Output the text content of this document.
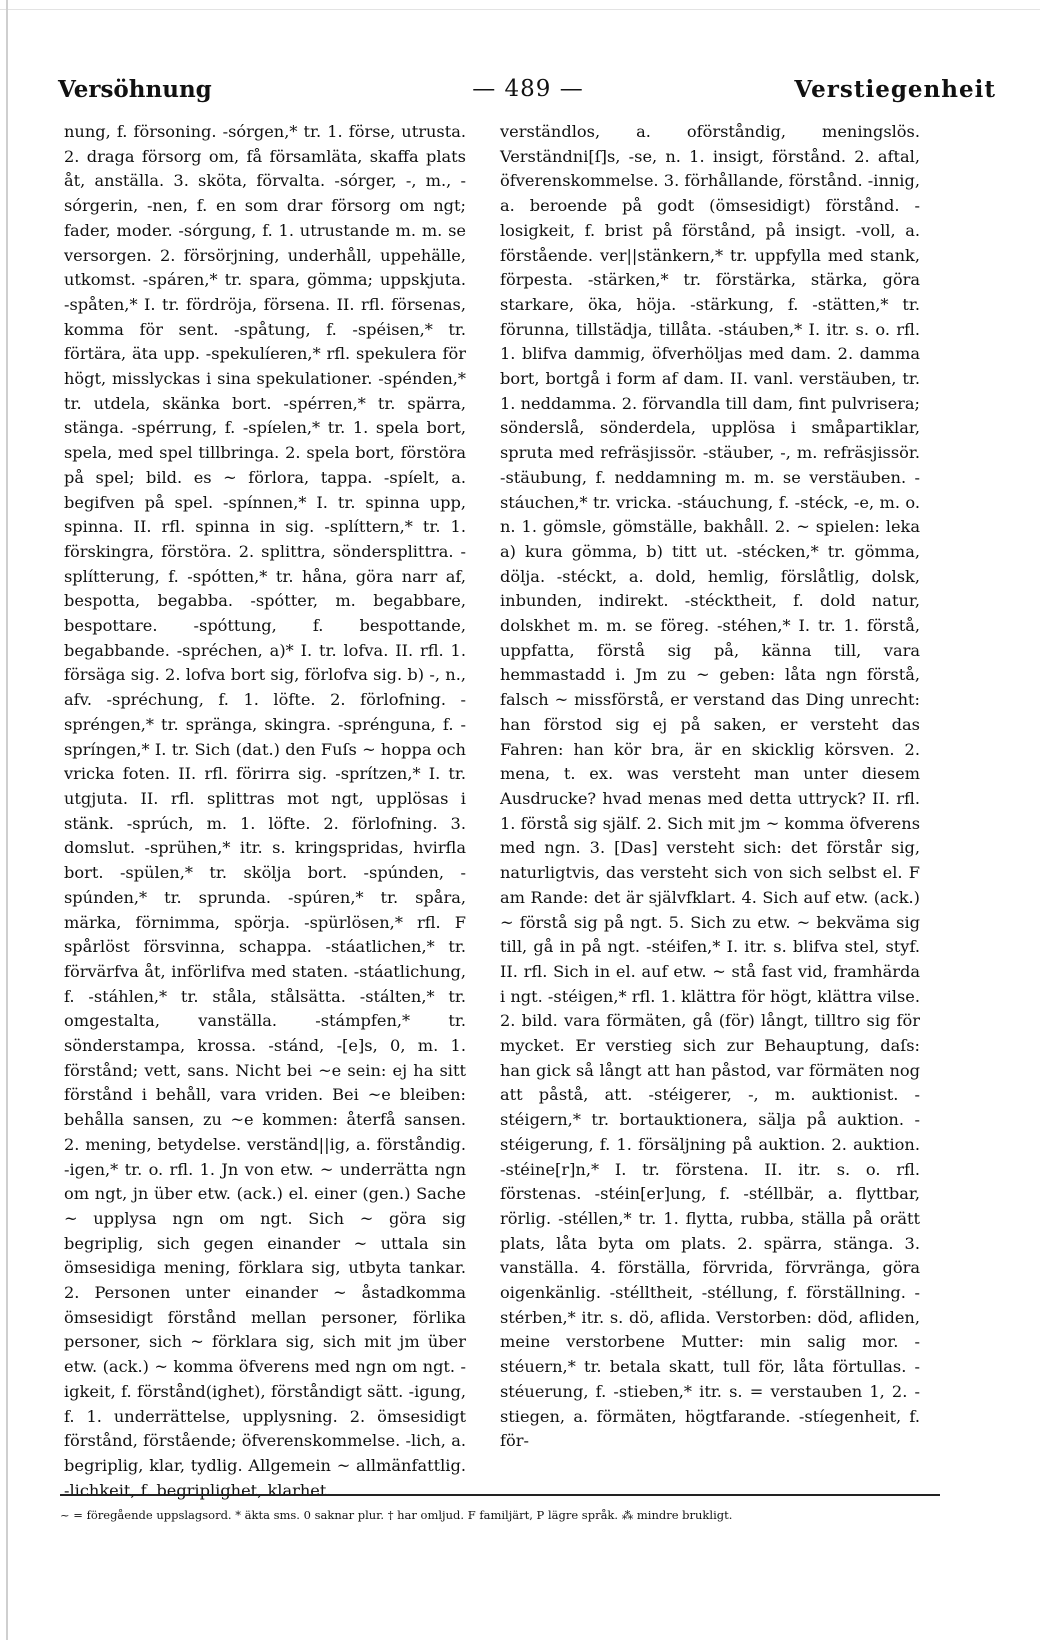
Versöhnung	— 489 —	Verstiegenheit

nung, f. försoning. -sórgen,* tr. 1. förse, utrusta. 2. draga försorg om, få församläta, skaffa plats åt, anställa. 3. sköta, förvalta. -sórger, -, m., -sórgerin, -nen, f. en som drar försorg om ngt; fader, moder. -sórgung, f. 1. utrustande m. m. se versorgen. 2. försörjning, underhåll, uppehälle, utkomst. -spáren,* tr. spara, gömma; uppskjuta. -spåten,* I. tr. fördröja, försena. II. rfl. försenas, komma för sent. -spåtung, f. -spéisen,* tr. förtära, äta upp. -spekulíeren,* rfl. spekulera för högt, misslyckas i sina spekulationer. -spénden,* tr. utdela, skänka bort. -spérren,* tr. spärra, stänga. -spérrung, f. -spíelen,* tr. 1. spela bort, spela, med spel tillbringa. 2. spela bort, förstöra på spel; bild. es ~ förlora, tappa. -spíelt, a. begifven på spel. -spínnen,* I. tr. spinna upp, spinna. II. rfl. spinna in sig. -splíttern,* tr. 1. förskingra, förstöra. 2. splittra, söndersplittra. -splítterung, f. -spótten,* tr. håna, göra narr af, bespotta, begabba. -spótter, m. begabbare, bespottare. -spóttung, f. bespottande, begabbande. -spréchen, a)* I. tr. lofva. II. rfl. 1. försäga sig. 2. lofva bort sig, förlofva sig. b) -, n., afv. -spréchung, f. 1. löfte. 2. förlofning. -spréngen,* tr. spränga, skingra. -sprénguna, f. -spríngen,* I. tr. Sich (dat.) den Fuſs ~ hoppa och vricka foten. II. rfl. förirra sig. -sprítzen,* I. tr. utgjuta. II. rfl. splittras mot ngt, upplösas i stänk. -sprúch, m. 1. löfte. 2. förlofning. 3. domslut. -sprühen,* itr. s. kringspridas, hvirfla bort. -spülen,* tr. skölja bort. -spúnden, -spúnden,* tr. sprunda. -spúren,* tr. spåra, märka, förnimma, spörja. -spürlösen,* rfl. F spårlöst försvinna, schappa. -stáatlichen,* tr. förvärfva åt, införlifva med staten. -stáatlichung, f. -stáhlen,* tr. ståla, stålsätta. -stálten,* tr. omgestalta, vanställa. -stámpfen,* tr. sönderstampa, krossa. -stánd, -[e]s, 0, m. 1. förstånd; vett, sans. Nicht bei ~e sein: ej ha sitt förstånd i behåll, vara vriden. Bei ~e bleiben: behålla sansen, zu ~e kommen: återfå sansen. 2. mening, betydelse. verständ||ig, a. förståndig. -igen,* tr. o. rfl. 1. Jn von etw. ~ underrätta ngn om ngt, jn über etw. (ack.) el. einer (gen.) Sache ~ upplysa ngn om ngt. Sich ~ göra sig begriplig, sich gegen einander ~ uttala sin ömsesidiga mening, förklara sig, utbyta tankar. 2. Personen unter einander ~ åstadkomma ömsesidigt förstånd mellan personer, förlika personer, sich ~ förklara sig, sich mit jm über etw. (ack.) ~ komma öfverens med ngn om ngt. -igkeit, f. förstånd(ighet), förståndigt sätt. -igung, f. 1. underrättelse, upplysning. 2. ömsesidigt förstånd, förstående; öfverenskommelse. -lich, a. begriplig, klar, tydlig. Allgemein ~ allmänfattlig. -lichkeit, f. begriplighet, klarhet.

verständlos, a. oförståndig, meningslös. Verständni[ſ]s, -se, n. 1. insigt, förstånd. 2. aftal, öfverenskommelse. 3. förhållande, förstånd. -innig, a. beroende på godt (ömsesidigt) förstånd. -losigkeit, f. brist på förstånd, på insigt. -voll, a. förstående. ver||stänkern,* tr. uppfylla med stank, förpesta. -stärken,* tr. förstärka, stärka, göra starkare, öka, höja. -stärkung, f. -stätten,* tr. förunna, tillstädja, tillåta. -stáuben,* I. itr. s. o. rfl. 1. blifva dammig, öfverhöljas med dam. 2. damma bort, bortgå i form af dam. II. vanl. verstäuben, tr. 1. neddamma. 2. förvandla till dam, fint pulvrisera; sönderslå, sönderdela, upplösa i småpartiklar, spruta med refräsjissör. -stäuber, -, m. refräsjissör. -stäubung, f. neddamning m. m. se verstäuben. -stáuchen,* tr. vricka. -stáuchung, f. -stéck, -e, m. o. n. 1. gömsle, gömställe, bakhåll. 2. ~ spielen: leka a) kura gömma, b) titt ut. -stécken,* tr. gömma, dölja. -stéckt, a. dold, hemlig, förslåtlig, dolsk, inbunden, indirekt. -stécktheit, f. dold natur, dolskhet m. m. se föreg. -stéhen,* I. tr. 1. förstå, uppfatta, förstå sig på, känna till, vara hemmastadd i. Jm zu ~ geben: låta ngn förstå, falsch ~ missförstå, er verstand das Ding unrecht: han förstod sig ej på saken, er versteht das Fahren: han kör bra, är en skicklig körsven. 2. mena, t. ex. was versteht man unter diesem Ausdrucke? hvad menas med detta uttryck? II. rfl. 1. förstå sig själf. 2. Sich mit jm ~ komma öfverens med ngn. 3. [Das] versteht sich: det förstår sig, naturligtvis, das versteht sich von sich selbst el. F am Rande: det är självfklart. 4. Sich auf etw. (ack.) ~ förstå sig på ngt. 5. Sich zu etw. ~ bekväma sig till, gå in på ngt. -stéifen,* I. itr. s. blifva stel, styf. II. rfl. Sich in el. auf etw. ~ stå fast vid, framhärda i ngt. -stéigen,* rfl. 1. klättra för högt, klättra vilse. 2. bild. vara förmäten, gå (för) långt, tilltro sig för mycket. Er verstieg sich zur Behauptung, daſs: han gick så långt att han påstod, var förmäten nog att påstå, att. -stéigerer, -, m. auktionist. -stéigern,* tr. bortauktionera, sälja på auktion. -stéigerung, f. 1. försäljning på auktion. 2. auktion. -stéine[r]n,* I. tr. förstena. II. itr. s. o. rfl. förstenas. -stéin[er]ung, f. -stéllbär, a. flyttbar, rörlig. -stéllen,* tr. 1. flytta, rubba, ställa på orätt plats, låta byta om plats. 2. spärra, stänga. 3. vanställa. 4. förställa, förvrida, förvränga, göra oigenkänlig. -stélltheit, -stéllung, f. förställning. -stérben,* itr. s. dö, aflida. Verstorben: död, afliden, meine verstorbene Mutter: min salig mor. -stéuern,* tr. betala skatt, tull för, låta förtullas. -stéuerung, f. -stieben,* itr. s. = verstauben 1, 2. -stiegen, a. förmäten, högtfarande. -stíegenheit, f. för-

~ = föregående uppslagsord. * äkta sms. 0 saknar plur. † har omljud. F familjärt, P lägre språk. ⁂ mindre brukligt.
